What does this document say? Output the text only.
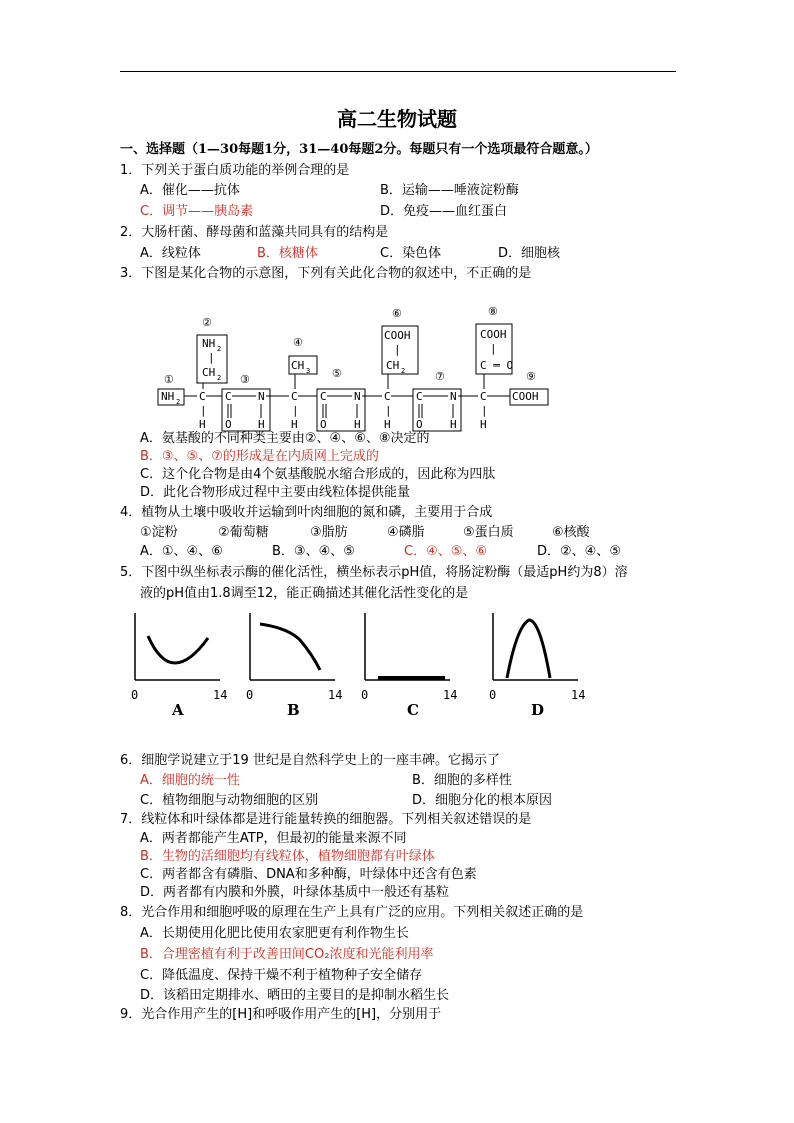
高二生物试题
一、选择题（1—30每题1分，31—40每题2分。每题只有一个选项最符合题意。）
1．下列关于蛋白质功能的举例合理的是
A．催化——抗体	B．运输——唾液淀粉酶
C．调节——胰岛素	D．免疫——血红蛋白
2．大肠杆菌、酵母菌和蓝藻共同具有的结构是
A．线粒体	B．核糖体	C．染色体	D．细胞核
3．下图是某化合物的示意图，下列有关此化合物的叙述中，不正确的是
①
②
③
④
⑤
⑥
⑦
⑧
⑨
NH 2
NH 2
|
CH 2
CH 3
COOH
|
CH 2
COOH
|
C ═ O
COOH
C	C	C	C
H	H	H	H
|	|	|	|
C N
O H
C N
O H
C N
O H
A．氨基酸的不同种类主要由②、④、⑥、⑧决定的
B．③、⑤、⑦的形成是在内质网上完成的
C．这个化合物是由4个氨基酸脱水缩合形成的，因此称为四肽
D．此化合物形成过程中主要由线粒体提供能量
4．植物从土壤中吸收并运输到叶肉细胞的氮和磷，主要用于合成
①淀粉	②葡萄糖	③脂肪	④磷脂	⑤蛋白质	⑥核酸
A．①、④、⑥	B．③、④、⑤	C．④、⑤、⑥	D．②、④、⑤
5．下图中纵坐标表示酶的催化活性，横坐标表示pH值，将肠淀粉酶（最适pH约为8）溶
液的pH值由1.8调至12，能正确描述其催化活性变化的是
0	14
A
0	14
B
0	14
C
0	14
D
6．细胞学说建立于19 世纪是自然科学史上的一座丰碑。它揭示了
A．细胞的统一性	B．细胞的多样性
C．植物细胞与动物细胞的区别	D．细胞分化的根本原因
7．线粒体和叶绿体都是进行能量转换的细胞器。下列相关叙述错误的是
A．两者都能产生ATP，但最初的能量来源不同
B．生物的活细胞均有线粒体，植物细胞都有叶绿体
C．两者都含有磷脂、DNA和多种酶，叶绿体中还含有色素
D．两者都有内膜和外膜，叶绿体基质中一般还有基粒
8．光合作用和细胞呼吸的原理在生产上具有广泛的应用。下列相关叙述正确的是
A．长期使用化肥比使用农家肥更有利作物生长
B．合理密植有利于改善田间CO₂浓度和光能利用率
C．降低温度、保持干燥不利于植物种子安全储存
D．该稻田定期排水、晒田的主要目的是抑制水稻生长
9．光合作用产生的[H]和呼吸作用产生的[H]，分别用于
